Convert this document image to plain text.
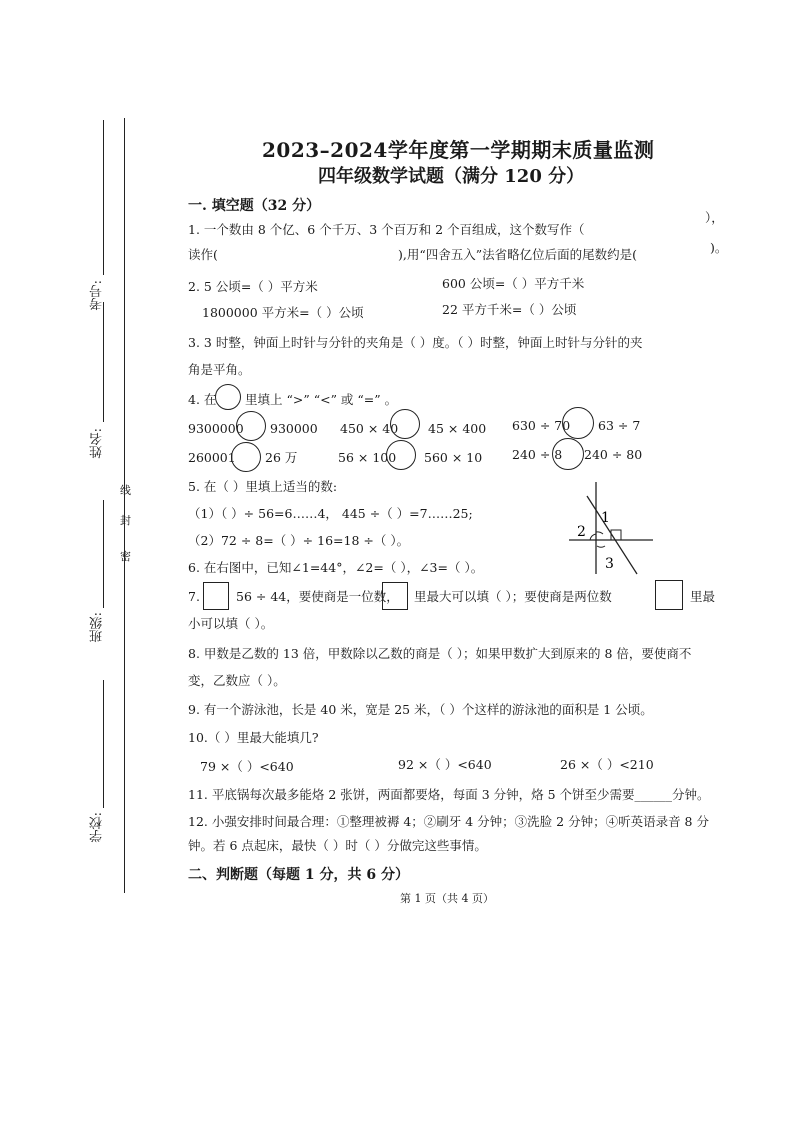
考号:
姓名:
班级:
学校:
线
封
密
2023–2024学年度第一学期期末质量监测
四年级数学试题（满分 120 分）
一. 填空题（32 分）
1. 一个数由 8 个亿、6 个千万、3 个百万和 2 个百组成，这个数写作（
），
读作(	),用“四舍五入”法省略亿位后面的尾数约是(	)。
2. 5 公顷=（ ）平方米	600 公顷=（ ）平方千米
1800000 平方米=（ ）公顷	22 平方千米=（ ）公顷
3. 3 时整，钟面上时针与分针的夹角是（ ）度。（ ）时整，钟面上时针与分针的夹
角是平角。
4. 在 里填上 “>” “<” 或 “=” 。
9300000 930000 450 × 40 45 × 400 630 ÷ 70 63 ÷ 7
260001 26 万	56 × 100 560 × 10 240 ÷ 8 240 ÷ 80
5. 在（ ）里填上适当的数:
（1）（ ）÷ 56=6……4， 445 ÷（ ）=7……25;
（2）72 ÷ 8=（ ）÷ 16=18 ÷（ ）。
1
2
3
6. 在右图中，已知∠1=44°，∠2=（ ），∠3=（ ）。
7.	56 ÷ 44，要使商是一位数， 里最大可以填（ ）；要使商是两位数	里最
小可以填（ ）。
8. 甲数是乙数的 13 倍，甲数除以乙数的商是（ ）；如果甲数扩大到原来的 8 倍，要使商不
变，乙数应（ ）。
9. 有一个游泳池，长是 40 米，宽是 25 米，（ ）个这样的游泳池的面积是 1 公顷。
10.（ ）里最大能填几?
79 ×（ ）<640	92 ×（ ）<640	26 ×（ ）<210
11. 平底锅每次最多能烙 2 张饼，两面都要烙，每面 3 分钟，烙 5 个饼至少需要______分钟。
12. 小强安排时间最合理：①整理被褥 4；②刷牙 4 分钟；③洗脸 2 分钟；④听英语录音 8 分
钟。若 6 点起床，最快（ ）时（ ）分做完这些事情。
二、判断题（每题 1 分，共 6 分）
第 1 页（共 4 页）
